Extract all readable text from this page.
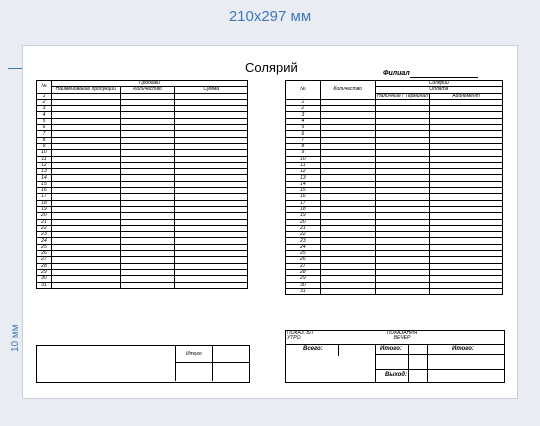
210x297 мм
10 мм
Солярий	Филиал
№	Продажи		
	Наименование продукции	Количество	Сумма
1			
2			
3			
4			
5			
6			
7			
8			
9			
10			
11			
12			
13			
14			
15			
16			
17			
18			
19			
20			
21			
22			
23			
24			
25			
26			
27			
28			
29			
30			
31			
Итого
№	Количество	Солярий	
		Оплата	
		Наличные / Терминал	Абонемент
1			
2			
3			
4			
5			
6			
7			
8			
9			
10			
11			
12			
13			
14			
15			
16			
17			
18			
19			
20			
21			
22			
23			
24			
25			
26			
27			
28			
29			
30			
31			
ПОКАЗ. БЛ УТРО
ПОКАЗАНИЯ ВЕЧЕР
Всего:	Итого:	Итого:
Выход:
